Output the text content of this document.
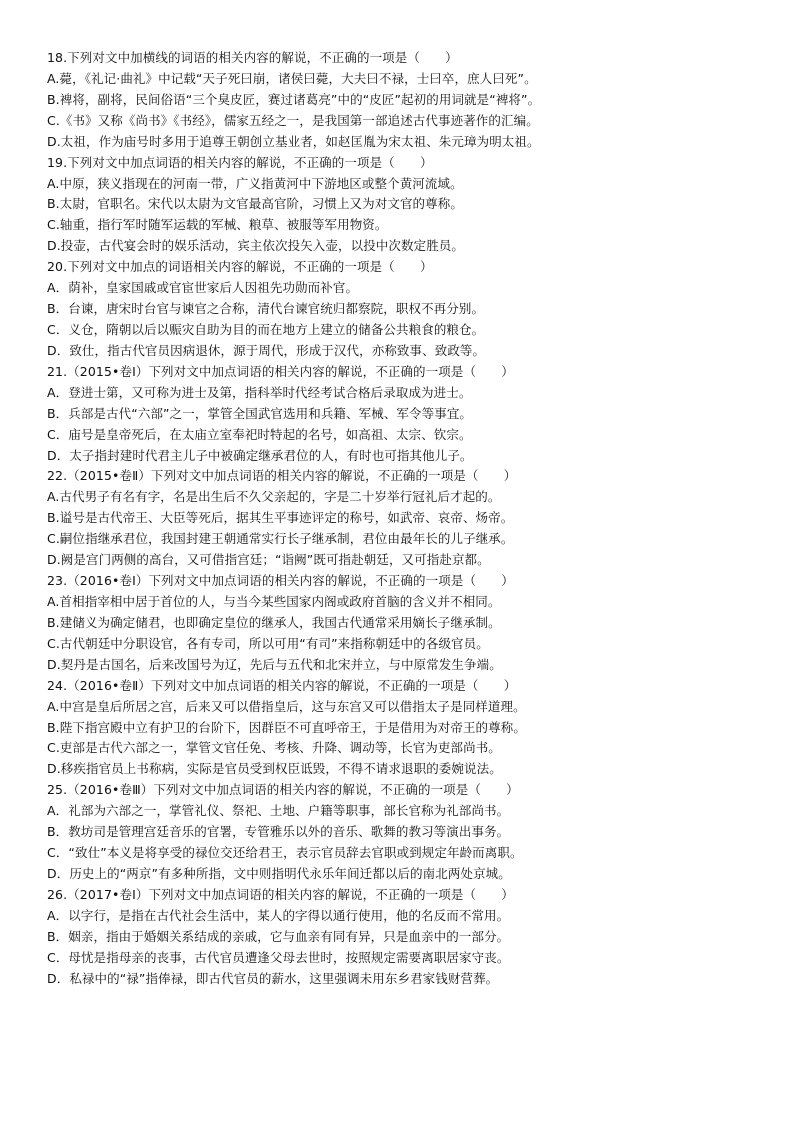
18.下列对文中加横线的词语的相关内容的解说，不正确的一项是（　　）
A.薨，《礼记·曲礼》中记载“天子死曰崩，诸侯曰薨，大夫曰不禄，士曰卒，庶人曰死”。
B.裨将，副将，民间俗语“三个臭皮匠，赛过诸葛亮”中的“皮匠”起初的用词就是“裨将”。
C.《书》又称《尚书》《书经》，儒家五经之一，是我国第一部追述古代事迹著作的汇编。
D.太祖，作为庙号时多用于追尊王朝创立基业者，如赵匡胤为宋太祖、朱元璋为明太祖。
19.下列对文中加点词语的相关内容的解说，不正确的一项是（　　）
A.中原，狭义指现在的河南一带，广义指黄河中下游地区或整个黄河流域。
B.太尉，官职名。宋代以太尉为文官最高官阶，习惯上又为对文官的尊称。
C.轴重，指行军时随军运载的军械、粮草、被服等军用物资。
D.投壶，古代宴会时的娱乐活动，宾主依次投矢入壶，以投中次数定胜员。
20.下列对文中加点的词语相关内容的解说，不正确的一项是（　　）
A．荫补，皇家国戚或官宦世家后人因祖先功勋而补官。
B．台谏，唐宋时台官与谏官之合称，清代台谏官统归都察院，职权不再分别。
C．义仓，隋朝以后以赈灾自助为目的而在地方上建立的储备公共粮食的粮仓。
D．致仕，指古代官员因病退休，源于周代，形成于汉代，亦称致事、致政等。
21.（2015•卷Ⅰ）下列对文中加点词语的相关内容的解说，不正确的一项是（　　）
A．登进士第，又可称为进士及第，指科举时代经考试合格后录取成为进士。
B．兵部是古代“六部”之一，掌管全国武官选用和兵籍、军械、军令等事宜。
C．庙号是皇帝死后，在太庙立室奉祀时特起的名号，如高祖、太宗、钦宗。
D．太子指封建时代君主儿子中被确定继承君位的人，有时也可指其他儿子。
22.（2015•卷Ⅱ）下列对文中加点词语的相关内容的解说，不正确的一项是（　　）
A.古代男子有名有字，名是出生后不久父亲起的，字是二十岁举行冠礼后才起的。
B.谥号是古代帝王、大臣等死后，据其生平事迹评定的称号，如武帝、哀帝、炀帝。
C.嗣位指继承君位，我国封建王朝通常实行长子继承制，君位由最年长的儿子继承。
D.阙是宫门两侧的高台，又可借指宫廷；“诣阙”既可指赴朝廷，又可指赴京都。
23.（2016•卷Ⅰ）下列对文中加点词语的相关内容的解说，不正确的一项是（　　）
A.首相指宰相中居于首位的人，与当今某些国家内阁或政府首脑的含义并不相同。
B.建储义为确定储君，也即确定皇位的继承人，我国古代通常采用嫡长子继承制。
C.古代朝廷中分职设官，各有专司，所以可用“有司”来指称朝廷中的各级官员。
D.契丹是古国名，后来改国号为辽，先后与五代和北宋并立，与中原常发生争端。
24.（2016•卷Ⅱ）下列对文中加点词语的相关内容的解说，不正确的一项是（　　）
A.中宫是皇后所居之宫，后来又可以借指皇后，这与东宫又可以借指太子是同样道理。
B.陛下指宫殿中立有护卫的台阶下，因群臣不可直呼帝王，于是借用为对帝王的尊称。
C.吏部是古代六部之一，掌管文官任免、考核、升降、调动等，长官为吏部尚书。
D.移疾指官员上书称病，实际是官员受到权臣诋毁，不得不请求退职的委婉说法。
25.（2016•卷Ⅲ）下列对文中加点词语的相关内容的解说，不正确的一项是（　　）
A．礼部为六部之一，掌管礼仪、祭祀、土地、户籍等职事，部长官称为礼部尚书。
B．教坊司是管理宫廷音乐的官署，专管雅乐以外的音乐、歌舞的教习等演出事务。
C．“致仕”本义是将享受的禄位交还给君王，表示官员辞去官职或到规定年龄而离职。
D．历史上的“两京”有多种所指，文中则指明代永乐年间迁都以后的南北两处京城。
26.（2017•卷Ⅰ）下列对文中加点词语的相关内容的解说，不正确的一项是（　　）
A．以字行，是指在古代社会生活中，某人的字得以通行使用，他的名反而不常用。
B．姻亲，指由于婚姻关系结成的亲戚，它与血亲有同有异，只是血亲中的一部分。
C．母忧是指母亲的丧事，古代官员遭逢父母去世时，按照规定需要离职居家守丧。
D．私禄中的“禄”指俸禄，即古代官员的薪水，这里强调未用东乡君家钱财营葬。
